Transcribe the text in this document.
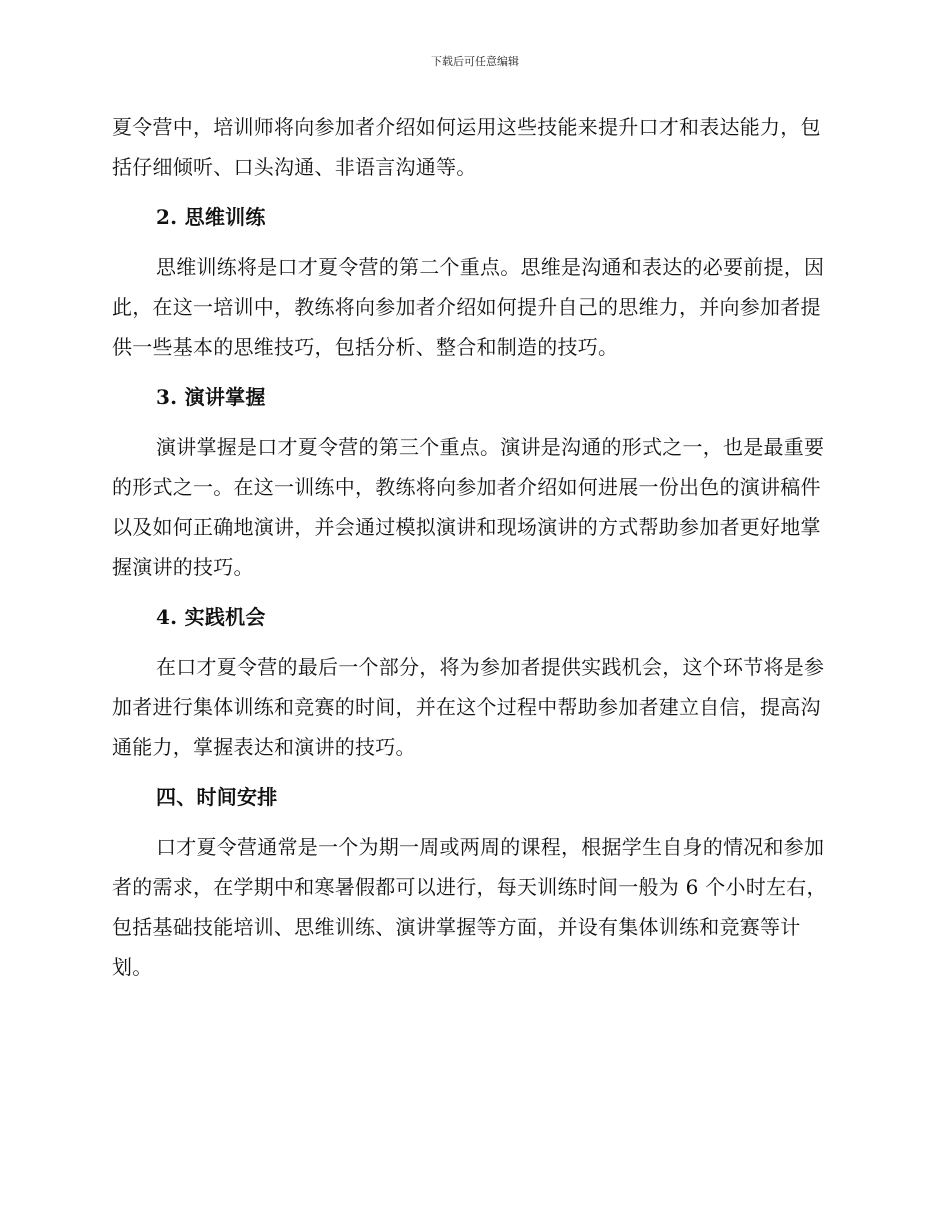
下载后可任意编辑

夏令营中，培训师将向参加者介绍如何运用这些技能来提升口才和表达能力，包括仔细倾听、口头沟通、非语言沟通等。

2. 思维训练

思维训练将是口才夏令营的第二个重点。思维是沟通和表达的必要前提，因此，在这一培训中，教练将向参加者介绍如何提升自己的思维力，并向参加者提供一些基本的思维技巧，包括分析、整合和制造的技巧。

3. 演讲掌握

演讲掌握是口才夏令营的第三个重点。演讲是沟通的形式之一，也是最重要的形式之一。在这一训练中，教练将向参加者介绍如何进展一份出色的演讲稿件以及如何正确地演讲，并会通过模拟演讲和现场演讲的方式帮助参加者更好地掌握演讲的技巧。

4. 实践机会

在口才夏令营的最后一个部分，将为参加者提供实践机会，这个环节将是参加者进行集体训练和竞赛的时间，并在这个过程中帮助参加者建立自信，提高沟通能力，掌握表达和演讲的技巧。

四、时间安排

口才夏令营通常是一个为期一周或两周的课程，根据学生自身的情况和参加者的需求，在学期中和寒暑假都可以进行，每天训练时间一般为 6 个小时左右，包括基础技能培训、思维训练、演讲掌握等方面，并设有集体训练和竞赛等计划。
